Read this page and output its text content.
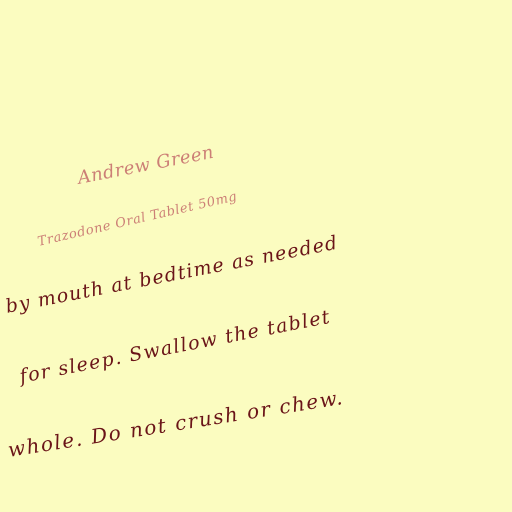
Andrew Green
Trazodone Oral Tablet 50mg
by mouth at bedtime as needed
for sleep. Swallow the tablet
whole. Do not crush or chew.
